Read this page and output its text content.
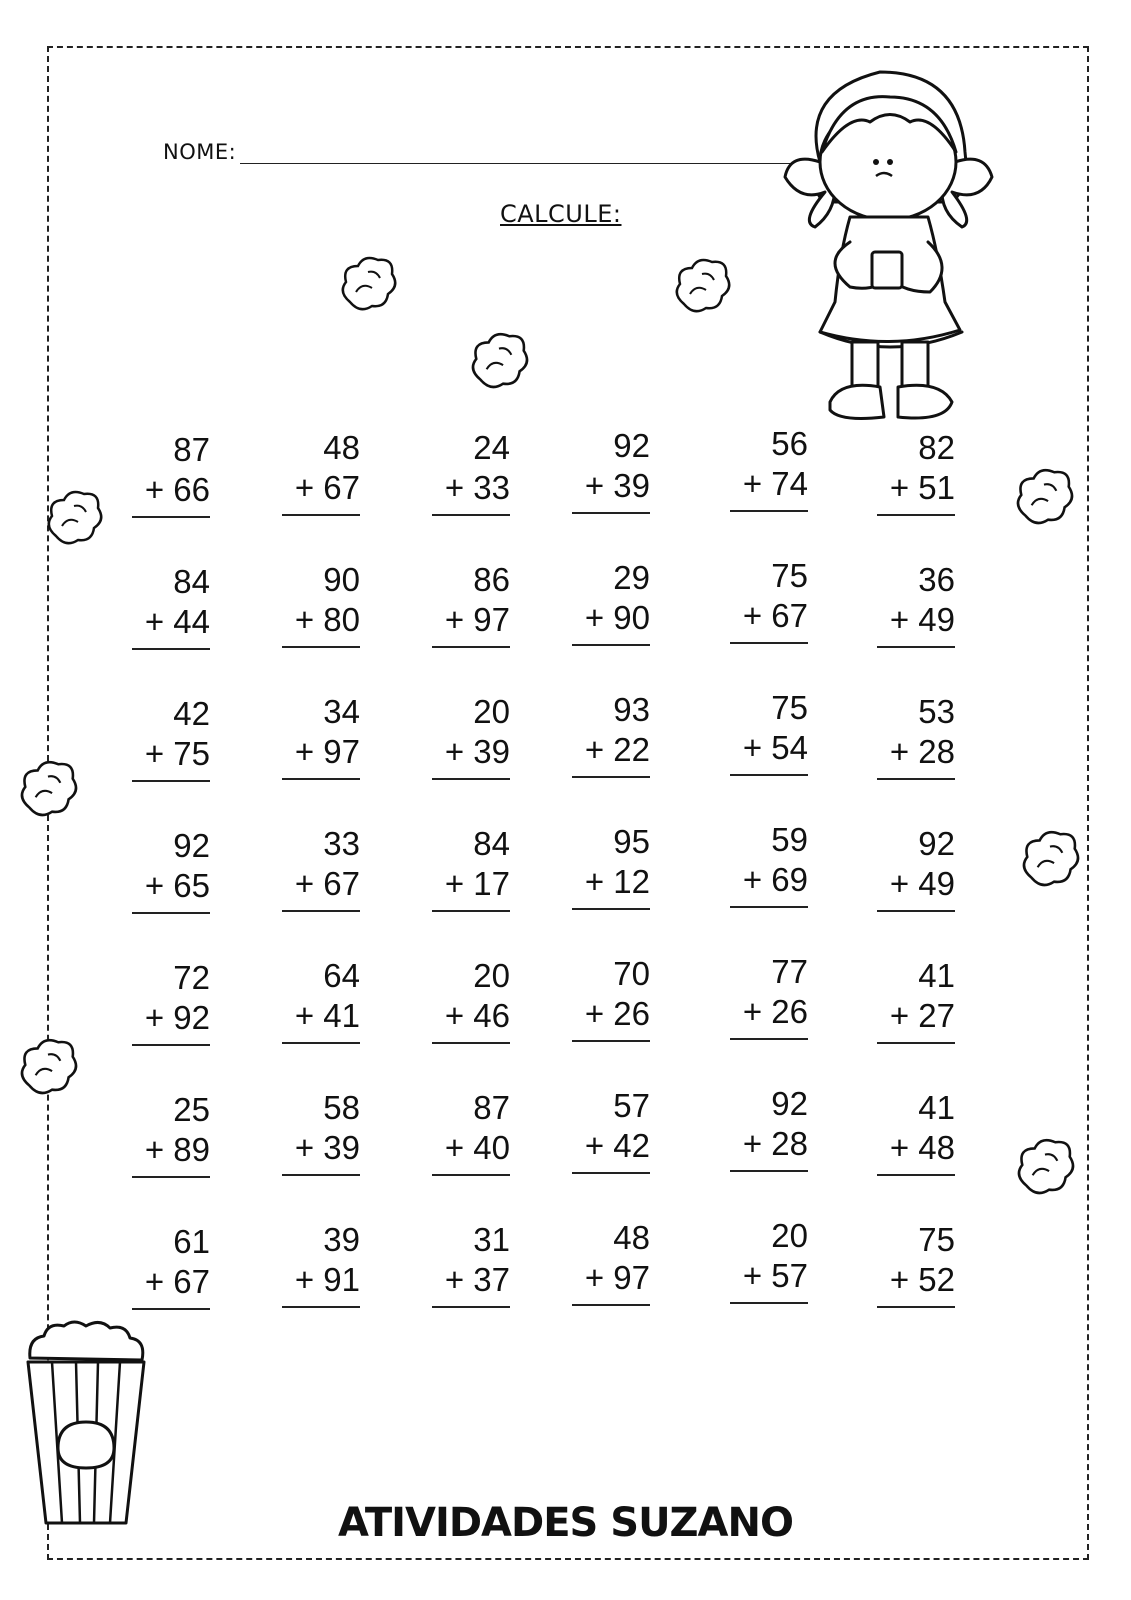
NOME:
CALCULE:
87
+ 66
48
+ 67
24
+ 33
92
+ 39
56
+ 74
82
+ 51
84
+ 44
90
+ 80
86
+ 97
29
+ 90
75
+ 67
36
+ 49
42
+ 75
34
+ 97
20
+ 39
93
+ 22
75
+ 54
53
+ 28
92
+ 65
33
+ 67
84
+ 17
95
+ 12
59
+ 69
92
+ 49
72
+ 92
64
+ 41
20
+ 46
70
+ 26
77
+ 26
41
+ 27
25
+ 89
58
+ 39
87
+ 40
57
+ 42
92
+ 28
41
+ 48
61
+ 67
39
+ 91
31
+ 37
48
+ 97
20
+ 57
75
+ 52
ATIVIDADES SUZANO
